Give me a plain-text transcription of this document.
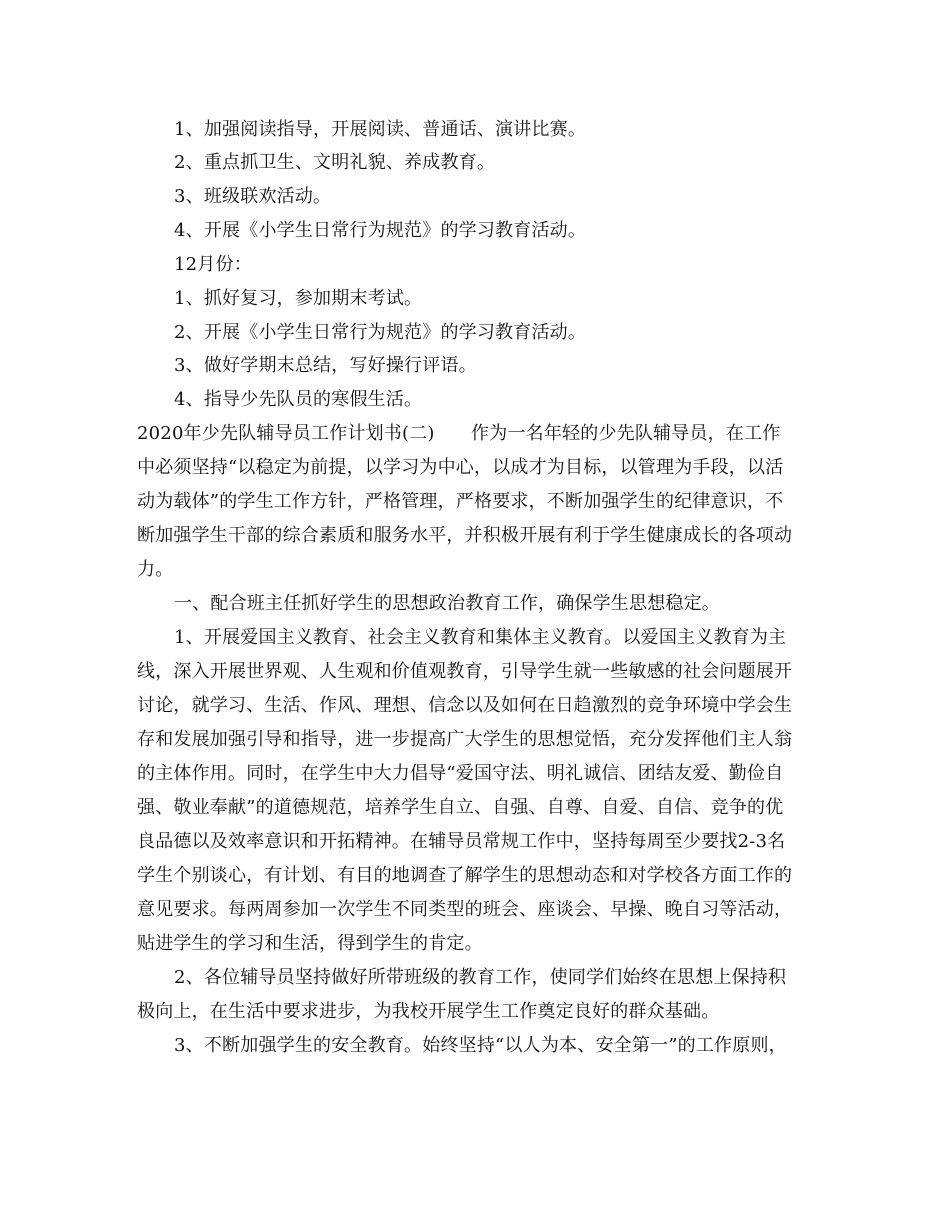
1、加强阅读指导，开展阅读、普通话、演讲比赛。
2、重点抓卫生、文明礼貌、养成教育。
3、班级联欢活动。
4、开展《小学生日常行为规范》的学习教育活动。
12月份：
1、抓好复习，参加期末考试。
2、开展《小学生日常行为规范》的学习教育活动。
3、做好学期末总结，写好操行评语。
4、指导少先队员的寒假生活。
2020年少先队辅导员工作计划书(二)　　作为一名年轻的少先队辅导员，在工作
中必须坚持“以稳定为前提，以学习为中心，以成才为目标，以管理为手段，以活
动为载体”的学生工作方针，严格管理，严格要求，不断加强学生的纪律意识，不
断加强学生干部的综合素质和服务水平，并积极开展有利于学生健康成长的各项动
力。
一、配合班主任抓好学生的思想政治教育工作，确保学生思想稳定。
1、开展爱国主义教育、社会主义教育和集体主义教育。以爱国主义教育为主
线，深入开展世界观、人生观和价值观教育，引导学生就一些敏感的社会问题展开
讨论，就学习、生活、作风、理想、信念以及如何在日趋激烈的竞争环境中学会生
存和发展加强引导和指导，进一步提高广大学生的思想觉悟，充分发挥他们主人翁
的主体作用。同时，在学生中大力倡导“爱国守法、明礼诚信、团结友爱、勤俭自
强、敬业奉献”的道德规范，培养学生自立、自强、自尊、自爱、自信、竞争的优
良品德以及效率意识和开拓精神。在辅导员常规工作中，坚持每周至少要找2-3名
学生个别谈心，有计划、有目的地调查了解学生的思想动态和对学校各方面工作的
意见要求。每两周参加一次学生不同类型的班会、座谈会、早操、晚自习等活动，
贴进学生的学习和生活，得到学生的肯定。
2、各位辅导员坚持做好所带班级的教育工作，使同学们始终在思想上保持积
极向上，在生活中要求进步，为我校开展学生工作奠定良好的群众基础。
3、不断加强学生的安全教育。始终坚持“以人为本、安全第一”的工作原则，
